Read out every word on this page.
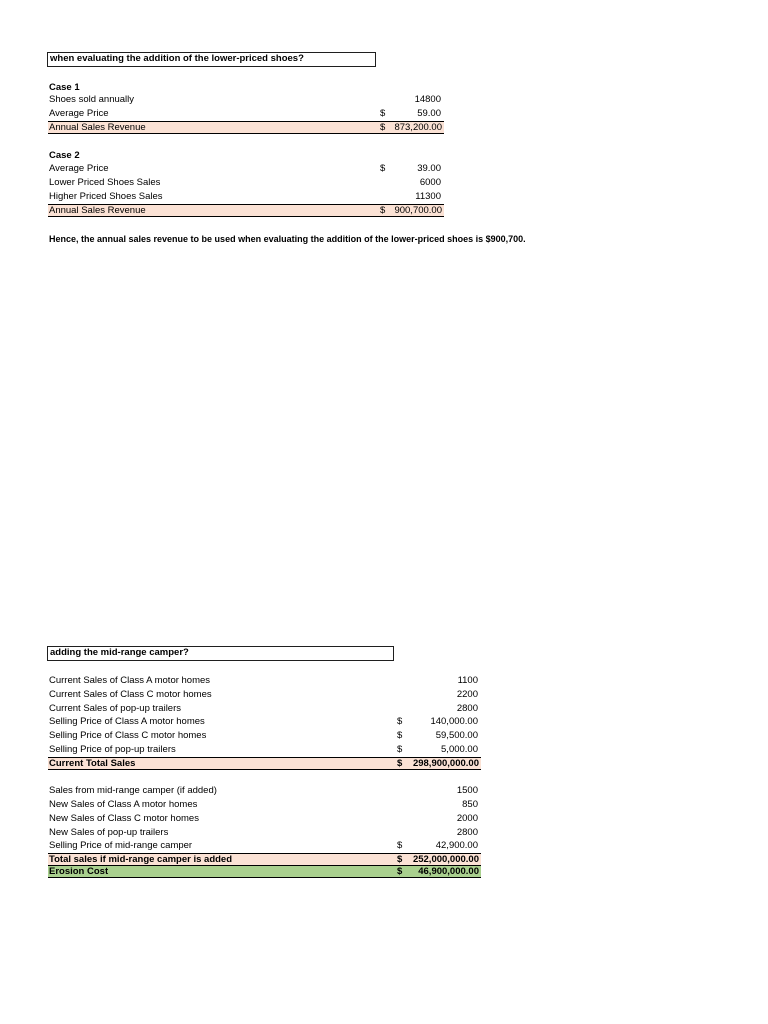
when evaluating the addition of the lower-priced shoes?
Case 1
Shoes sold annually	14800
Average Price	$	59.00
Annual Sales Revenue	$ 873,200.00
Case 2
Average Price	$	39.00
Lower Priced Shoes Sales	6000
Higher Priced Shoes Sales	11300
Annual Sales Revenue	$ 900,700.00
Hence, the annual sales revenue to be used when evaluating the addition of the lower-priced shoes is $900,700.
adding the mid-range camper?
Current Sales of Class A motor homes	1100
Current Sales of Class C motor homes	2200
Current Sales of pop-up trailers	2800
Selling Price of Class A motor homes	$	140,000.00
Selling Price of Class C motor homes	$	59,500.00
Selling Price of pop-up trailers	$	5,000.00
Current Total Sales	$ 298,900,000.00
Sales from mid-range camper (if added)	1500
New Sales of Class A motor homes	850
New Sales of Class C motor homes	2000
New Sales of pop-up trailers	2800
Selling Price of mid-range camper	$	42,900.00
Total sales if mid-range camper is added	$ 252,000,000.00
Erosion Cost	$ 46,900,000.00
